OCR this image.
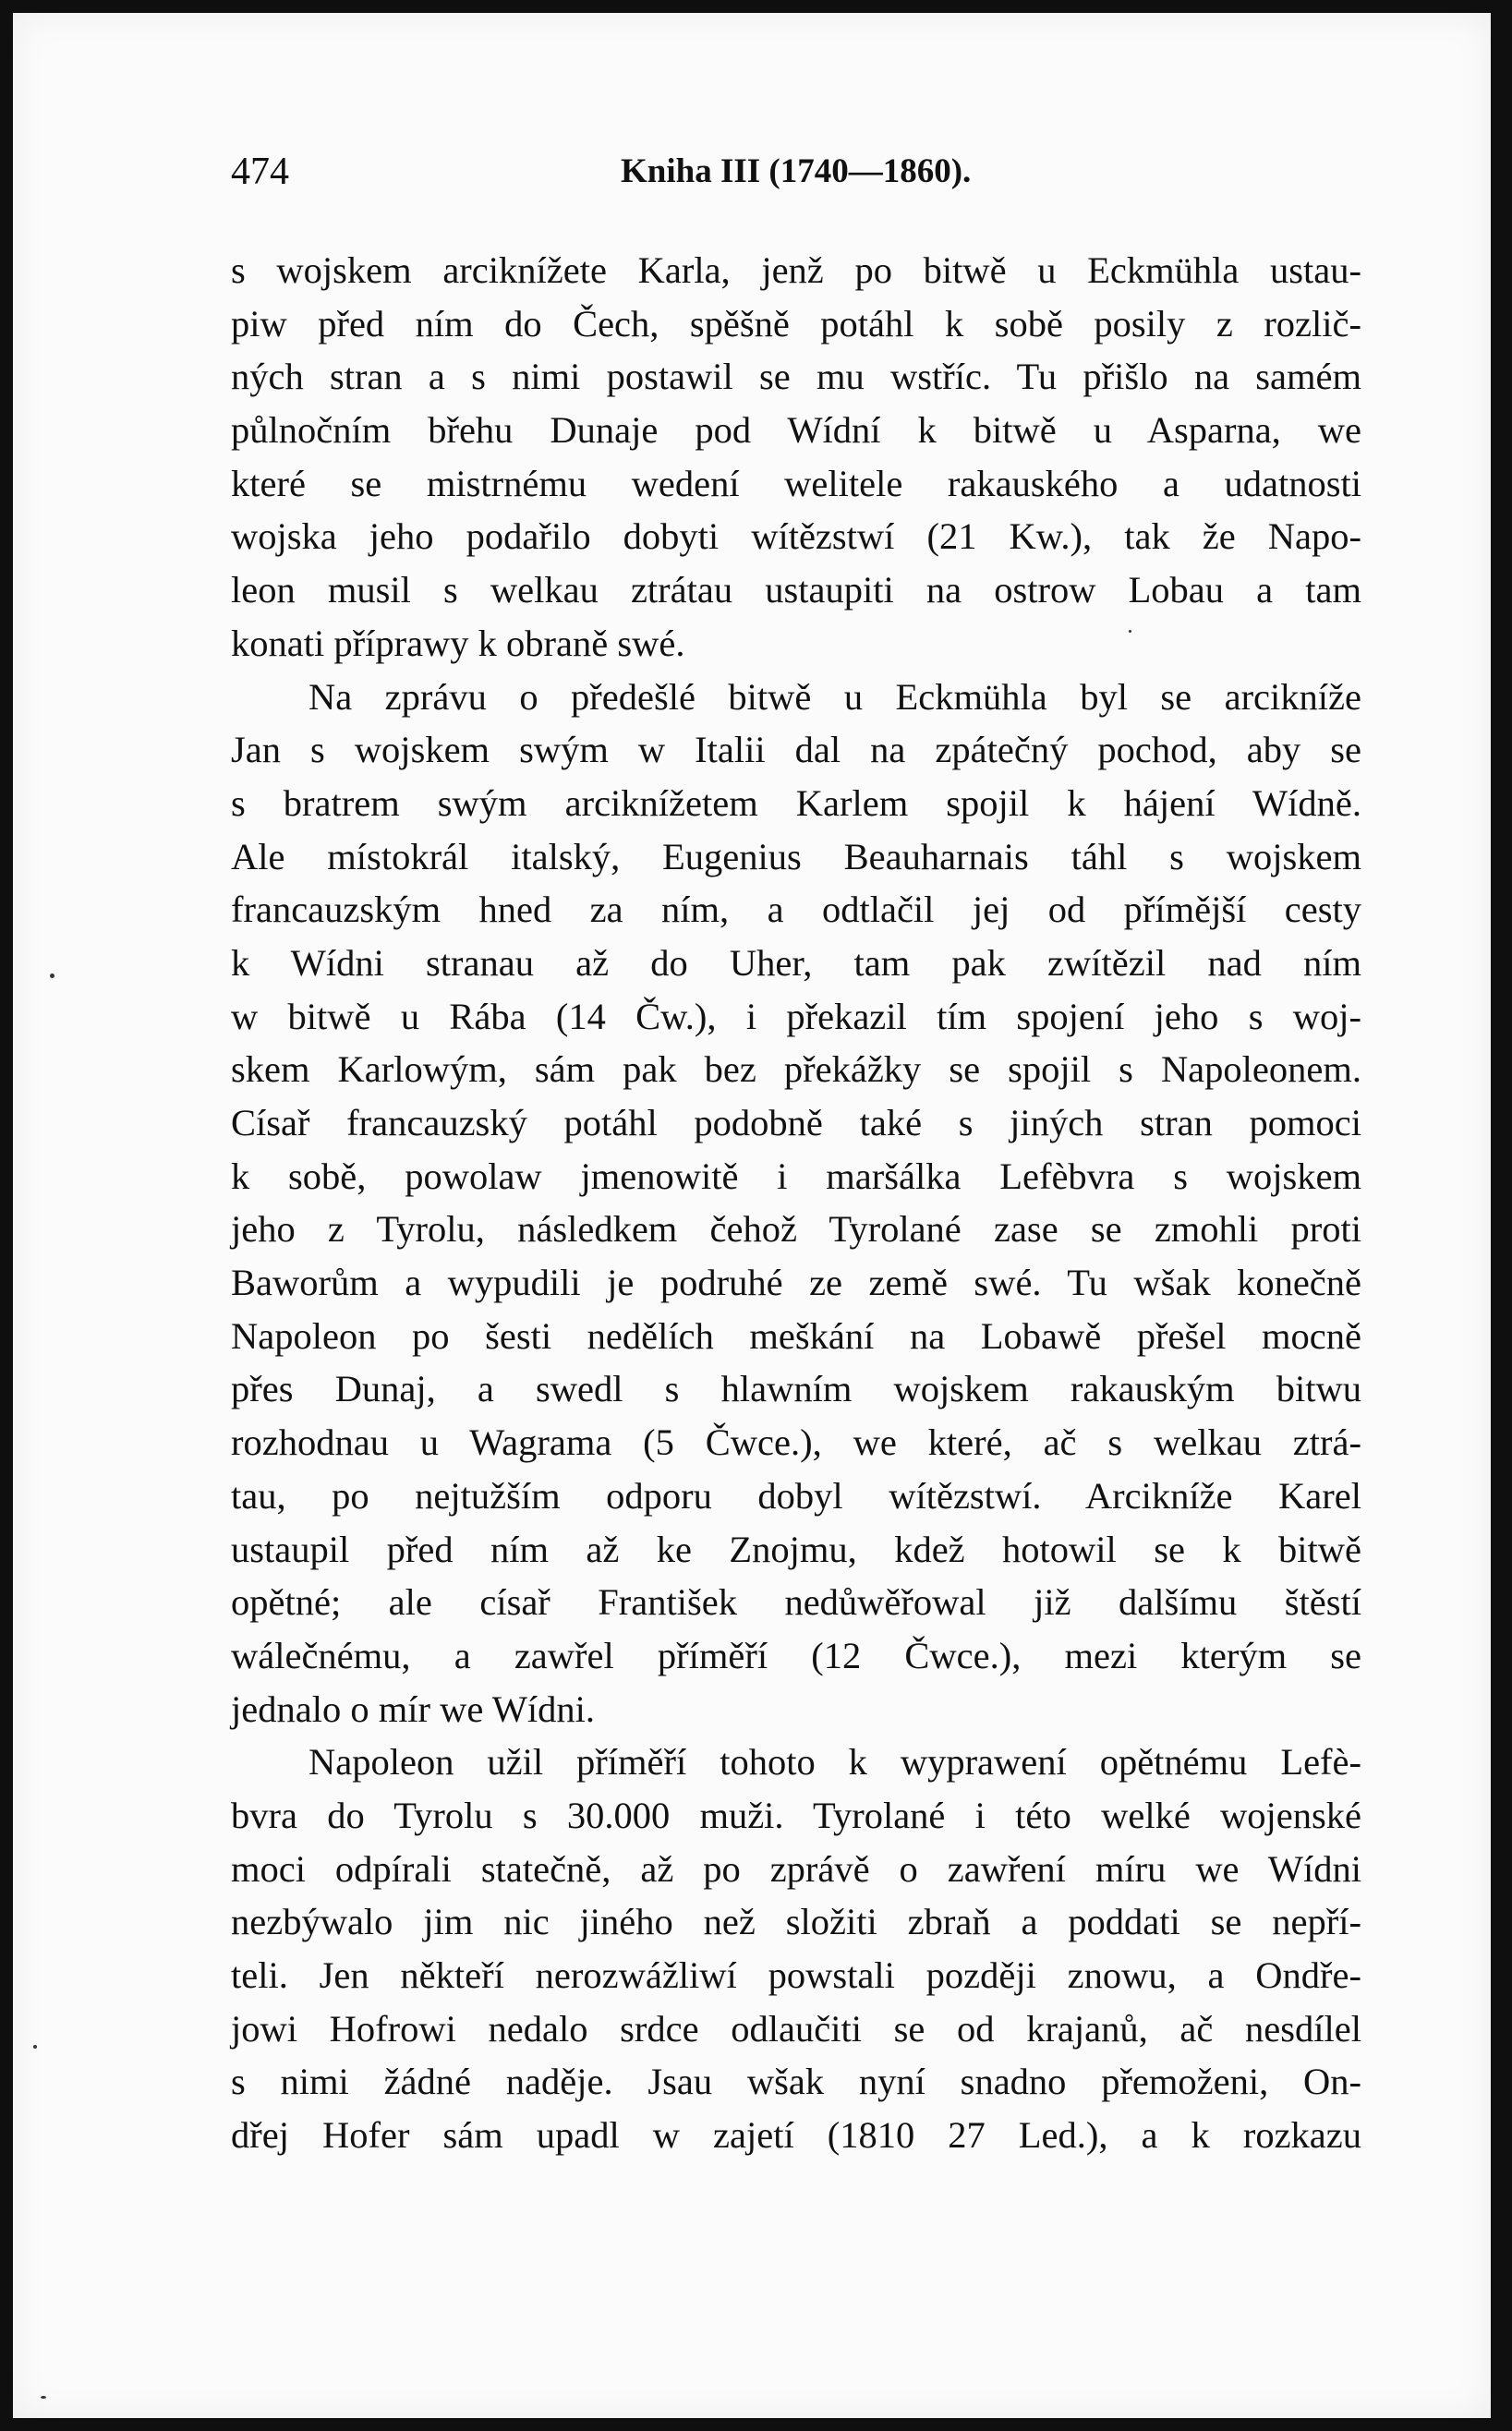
474	Kniha III (1740—1860).
s wojskem arciknížete Karla, jenž po bitwě u Eckmühla ustau-
piw před ním do Čech, spěšně potáhl k sobě posily z rozlič-
ných stran a s nimi postawil se mu wstříc. Tu přišlo na samém
půlnočním břehu Dunaje pod Wídní k bitwě u Asparna, we
které se mistrnému wedení welitele rakauského a udatnosti
wojska jeho podařilo dobyti wítězstwí (21 Kw.), tak že Napo-
leon musil s welkau ztrátau ustaupiti na ostrow Lobau a tam
konati příprawy k obraně swé.
Na zprávu o předešlé bitwě u Eckmühla byl se arcikníže
Jan s wojskem swým w Italii dal na zpátečný pochod, aby se
s bratrem swým arciknížetem Karlem spojil k hájení Wídně.
Ale místokrál italský, Eugenius Beauharnais táhl s wojskem
francauzským hned za ním, a odtlačil jej od přímější cesty
k Wídni stranau až do Uher, tam pak zwítězil nad ním
w bitwě u Rába (14 Čw.), i překazil tím spojení jeho s woj-
skem Karlowým, sám pak bez překážky se spojil s Napoleonem.
Císař francauzský potáhl podobně také s jiných stran pomoci
k sobě, powolaw jmenowitě i maršálka Lefèbvra s wojskem
jeho z Tyrolu, následkem čehož Tyrolané zase se zmohli proti
Baworům a wypudili je podruhé ze země swé. Tu wšak konečně
Napoleon po šesti nedělích meškání na Lobawě přešel mocně
přes Dunaj, a swedl s hlawním wojskem rakauským bitwu
rozhodnau u Wagrama (5 Čwce.), we které, ač s welkau ztrá-
tau, po nejtužším odporu dobyl wítězstwí. Arcikníže Karel
ustaupil před ním až ke Znojmu, kdež hotowil se k bitwě
opětné; ale císař František nedůwěřowal již dalšímu štěstí
wálečnému, a zawřel příměří (12 Čwce.), mezi kterým se
jednalo o mír we Wídni.
Napoleon užil příměří tohoto k wyprawení opětnému Lefè-
bvra do Tyrolu s 30.000 muži. Tyrolané i této welké wojenské
moci odpírali statečně, až po zprávě o zawření míru we Wídni
nezbýwalo jim nic jiného než složiti zbraň a poddati se nepří-
teli. Jen někteří nerozwážliwí powstali později znowu, a Ondře-
jowi Hofrowi nedalo srdce odlaučiti se od krajanů, ač nesdílel
s nimi žádné naděje. Jsau wšak nyní snadno přemoženi, On-
dřej Hofer sám upadl w zajetí (1810 27 Led.), a k rozkazu
